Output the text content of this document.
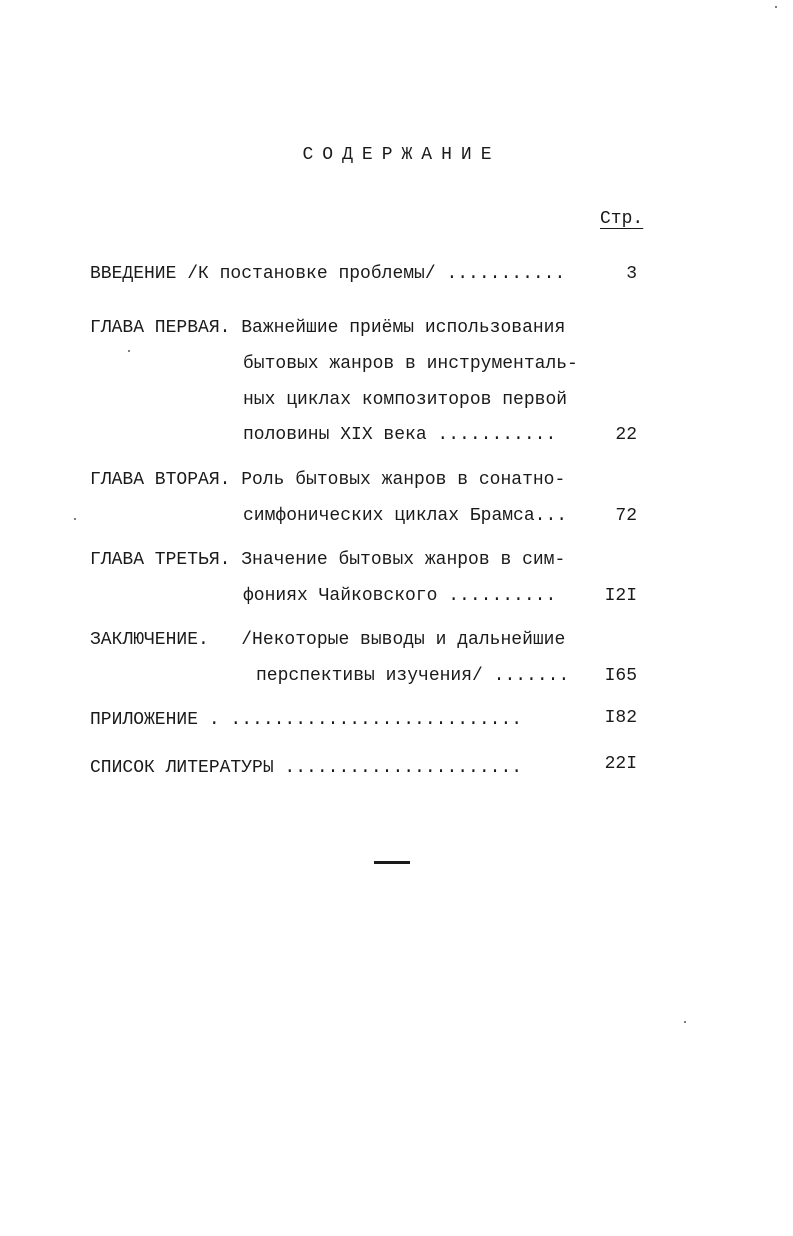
СОДЕРЖАНИЕ
Стр.
ВВЕДЕНИЕ /К постановке проблемы/ ...........	3
ГЛАВА ПЕРВАЯ. Важнейшие приёмы использования
бытовых жанров в инструменталь-
ных циклах композиторов первой
половины XIX века ...........	22
ГЛАВА ВТОРАЯ. Роль бытовых жанров в сонатно-
симфонических циклах Брамса...	72
ГЛАВА ТРЕТЬЯ. Значение бытовых жанров в сим-
фониях Чайковского ..........	I2I
ЗАКЛЮЧЕНИЕ.   /Некоторые выводы и дальнейшие
перспективы изучения/ .......	I65
ПРИЛОЖЕНИЕ . ...........................	I82
СПИСОК ЛИТЕРАТУРЫ ......................	22I
